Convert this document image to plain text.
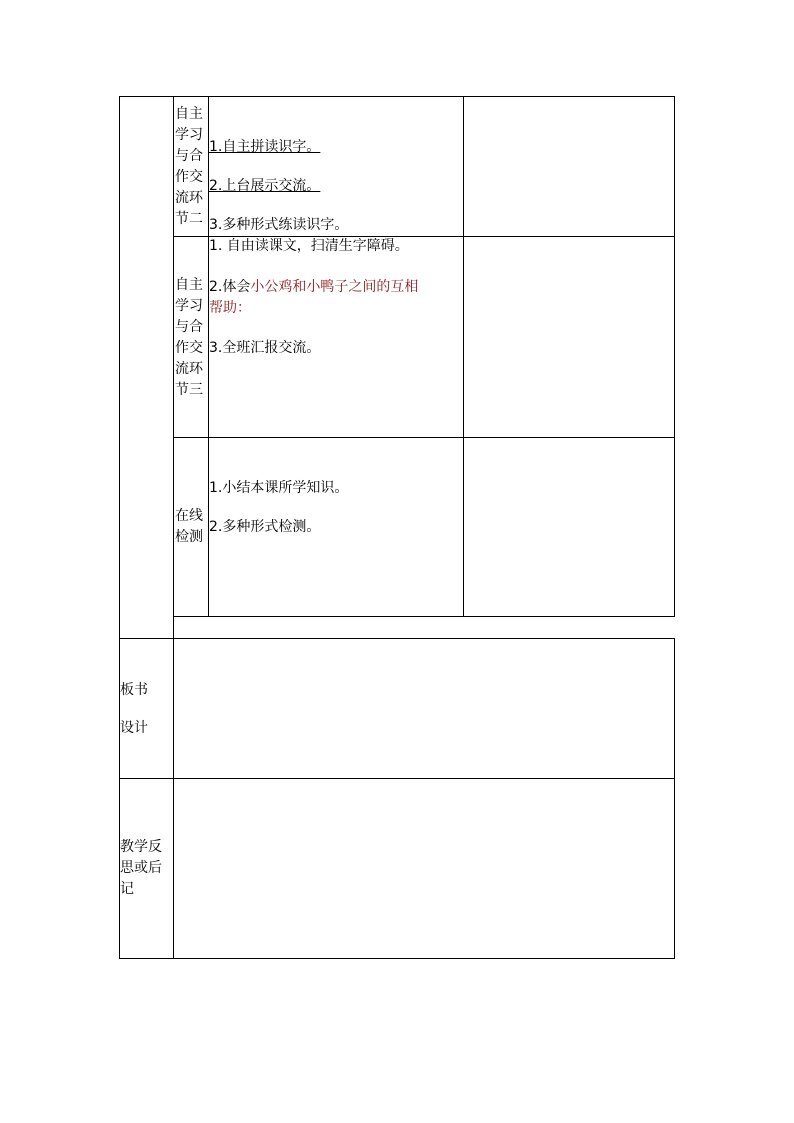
自主学习与合作交流环节二
1.自主拼读识字。
2.上台展示交流。
3.多种形式练读识字。
自主学习与合作交流环节三
1. 自由读课文，扫清生字障碍。
2.体会小公鸡和小鸭子之间的互相
帮助：
3.全班汇报交流。
在线检测
1.小结本课所学知识。
2.多种形式检测。
板书
设计
教学反思或后记
